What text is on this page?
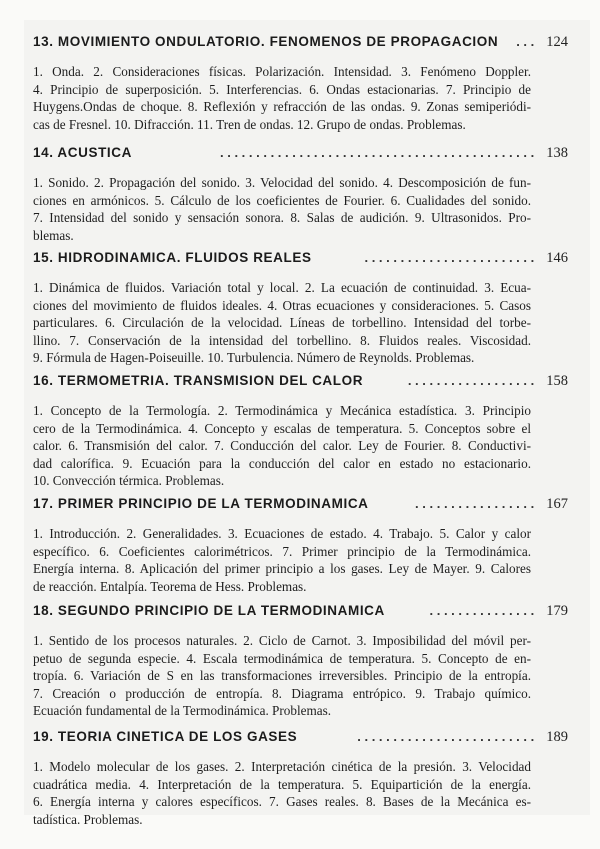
13. MOVIMIENTO ONDULATORIO. FENOMENOS DE PROPAGACION	. . . 124
1. Onda. 2. Consideraciones físicas. Polarización. Intensidad. 3. Fenómeno Doppler.
4. Principio de superposición. 5. Interferencias. 6. Ondas estacionarias. 7. Principio de
Huygens.Ondas de choque. 8. Reflexión y refracción de las ondas. 9. Zonas semiperiódi-
cas de Fresnel. 10. Difracción. 11. Tren de ondas. 12. Grupo de ondas. Problemas.
14. ACUSTICA	. . . . . . . . . . . . . . . . . . . . . . . . . . . . . . . . . . . . . . . . . . . . 138
1. Sonido. 2. Propagación del sonido. 3. Velocidad del sonido. 4. Descomposición de fun-
ciones en armónicos. 5. Cálculo de los coeficientes de Fourier. 6. Cualidades del sonido.
7. Intensidad del sonido y sensación sonora. 8. Salas de audición. 9. Ultrasonidos. Pro-
blemas.
15. HIDRODINAMICA. FLUIDOS REALES	. . . . . . . . . . . . . . . . . . . . . . . . 146
1. Dinámica de fluidos. Variación total y local. 2. La ecuación de continuidad. 3. Ecua-
ciones del movimiento de fluidos ideales. 4. Otras ecuaciones y consideraciones. 5. Casos
particulares. 6. Circulación de la velocidad. Líneas de torbellino. Intensidad del torbe-
llino. 7. Conservación de la intensidad del torbellino. 8. Fluidos reales. Viscosidad.
9. Fórmula de Hagen-Poiseuille. 10. Turbulencia. Número de Reynolds. Problemas.
16. TERMOMETRIA. TRANSMISION DEL CALOR	. . . . . . . . . . . . . . . . . . 158
1. Concepto de la Termología. 2. Termodinámica y Mecánica estadística. 3. Principio
cero de la Termodinámica. 4. Concepto y escalas de temperatura. 5. Conceptos sobre el
calor. 6. Transmisión del calor. 7. Conducción del calor. Ley de Fourier. 8. Conductivi-
dad calorífica. 9. Ecuación para la conducción del calor en estado no estacionario.
10. Convección térmica. Problemas.
17. PRIMER PRINCIPIO DE LA TERMODINAMICA	. . . . . . . . . . . . . . . . . 167
1. Introducción. 2. Generalidades. 3. Ecuaciones de estado. 4. Trabajo. 5. Calor y calor
específico. 6. Coeficientes calorimétricos. 7. Primer principio de la Termodinámica.
Energía interna. 8. Aplicación del primer principio a los gases. Ley de Mayer. 9. Calores
de reacción. Entalpía. Teorema de Hess. Problemas.
18. SEGUNDO PRINCIPIO DE LA TERMODINAMICA	. . . . . . . . . . . . . . . 179
1. Sentido de los procesos naturales. 2. Ciclo de Carnot. 3. Imposibilidad del móvil per-
petuo de segunda especie. 4. Escala termodinámica de temperatura. 5. Concepto de en-
tropía. 6. Variación de S en las transformaciones irreversibles. Principio de la entropía.
7. Creación o producción de entropía. 8. Diagrama entrópico. 9. Trabajo químico.
Ecuación fundamental de la Termodinámica. Problemas.
19. TEORIA CINETICA DE LOS GASES	. . . . . . . . . . . . . . . . . . . . . . . . . 189
1. Modelo molecular de los gases. 2. Interpretación cinética de la presión. 3. Velocidad
cuadrática media. 4. Interpretación de la temperatura. 5. Equipartición de la energía.
6. Energía interna y calores específicos. 7. Gases reales. 8. Bases de la Mecánica es-
tadística. Problemas.
